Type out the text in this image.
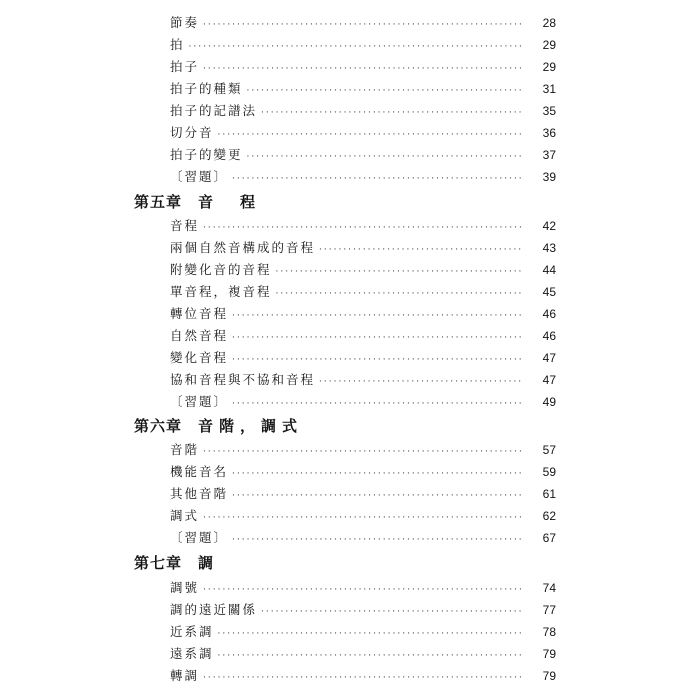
節奏 ·····	28
拍 ·····	29
拍子 ·····	29
拍子的種類 ·····	31
拍子的記譜法 ·····	35
切分音 ·····	36
拍子的變更 ·····	37
〔習題〕 ·····	39
第五章 音　程
音程 ·····	42
兩個自然音構成的音程 ·····	43
附變化音的音程 ·····	44
單音程，複音程 ·····	45
轉位音程 ·····	46
自然音程 ·····	46
變化音程 ·····	47
協和音程與不協和音程 ·····	47
〔習題〕 ·····	49
第六章 音階，調式
音階 ·····	57
機能音名 ·····	59
其他音階 ·····	61
調式 ·····	62
〔習題〕 ·····	67
第七章 調
調號 ·····	74
調的遠近關係 ·····	77
近系調 ·····	78
遠系調 ·····	79
轉調 ·····	79
